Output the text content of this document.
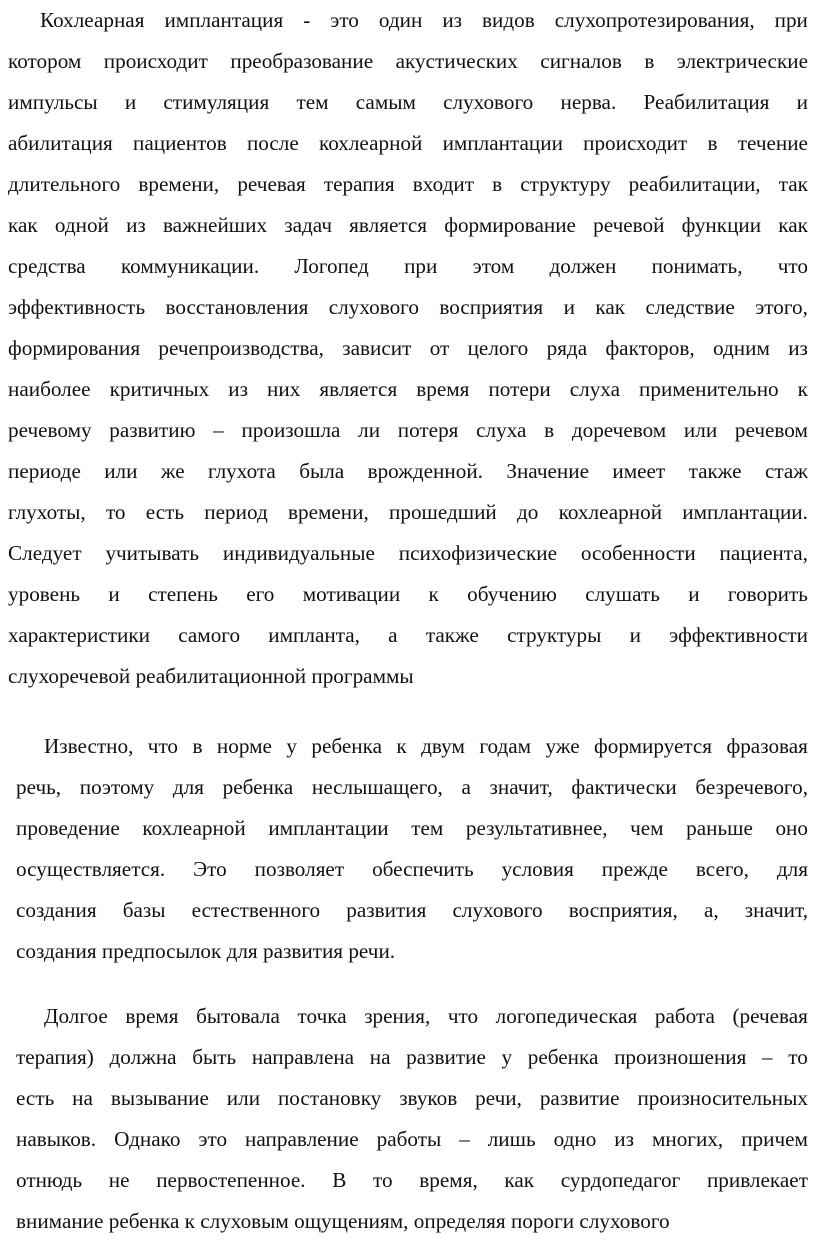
Кохлеарная имплантация - это один из видов слухопротезирования, при
котором происходит преобразование акустических сигналов в электрические
импульсы и стимуляция тем самым слухового нерва. Реабилитация и
абилитация пациентов после кохлеарной имплантации происходит в течение
длительного времени, речевая терапия входит в структуру реабилитации, так
как одной из важнейших задач является формирование речевой функции как
средства коммуникации. Логопед при этом должен понимать, что
эффективность восстановления слухового восприятия и как следствие этого,
формирования речепроизводства, зависит от целого ряда факторов, одним из
наиболее критичных из них является время потери слуха применительно к
речевому развитию – произошла ли потеря слуха в доречевом или речевом
периоде или же глухота была врожденной. Значение имеет также стаж
глухоты, то есть период времени, прошедший до кохлеарной имплантации.
Следует учитывать индивидуальные психофизические особенности пациента,
уровень и степень его мотивации к обучению слушать и говорить
характеристики самого импланта, а также структуры и эффективности
слухоречевой реабилитационной программы
Известно, что в норме у ребенка к двум годам уже формируется фразовая
речь, поэтому для ребенка неслышащего, а значит, фактически безречевого,
проведение кохлеарной имплантации тем результативнее, чем раньше оно
осуществляется. Это позволяет обеспечить условия прежде всего, для
создания базы естественного развития слухового восприятия, а, значит,
создания предпосылок для развития речи.
Долгое время бытовала точка зрения, что логопедическая работа (речевая
терапия) должна быть направлена на развитие у ребенка произношения – то
есть на вызывание или постановку звуков речи, развитие произносительных
навыков. Однако это направление работы – лишь одно из многих, причем
отнюдь не первостепенное. В то время, как сурдопедагог привлекает
внимание ребенка к слуховым ощущениям, определяя пороги слухового
